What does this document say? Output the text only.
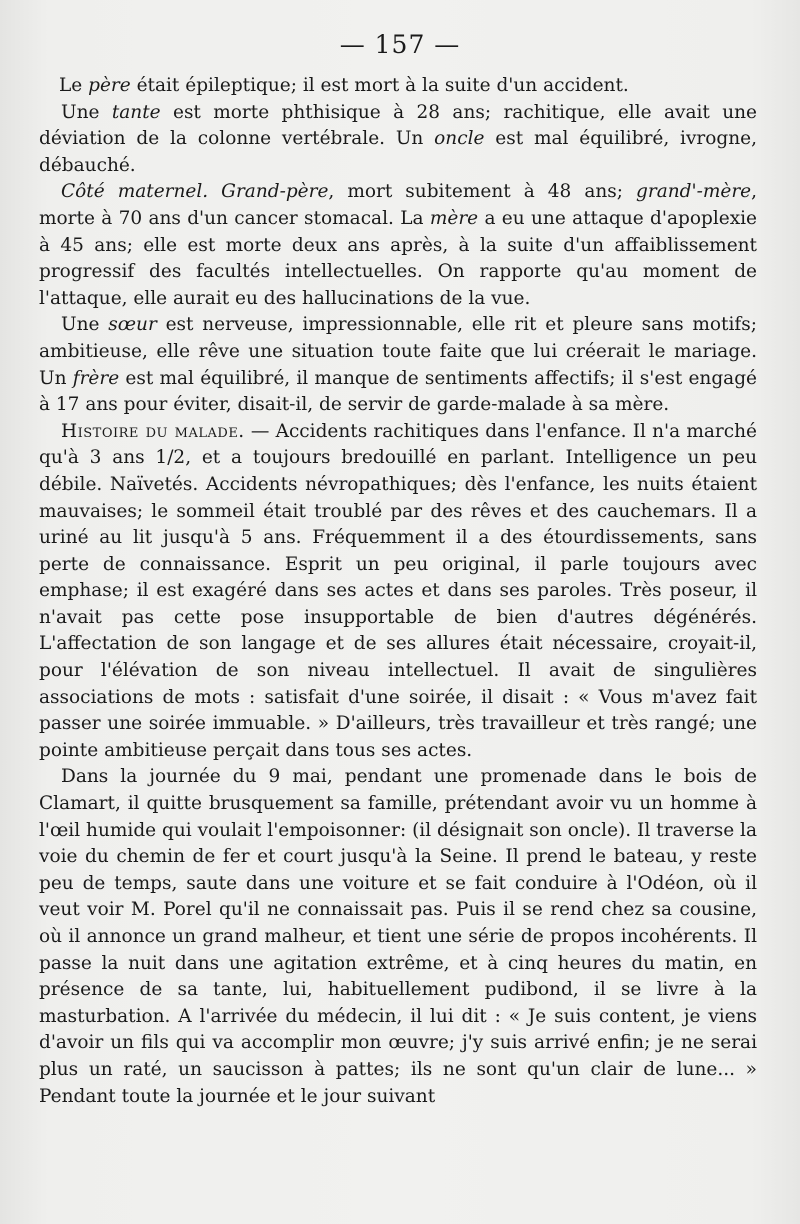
— 157 —

Le père était épileptique; il est mort à la suite d'un accident.

Une tante est morte phthisique à 28 ans; rachitique, elle avait une déviation de la colonne vertébrale. Un oncle est mal équilibré, ivrogne, débauché.

Côté maternel. Grand-père, mort subitement à 48 ans; grand'-mère, morte à 70 ans d'un cancer stomacal. La mère a eu une attaque d'apoplexie à 45 ans; elle est morte deux ans après, à la suite d'un affaiblissement progressif des facultés intellectuelles. On rapporte qu'au moment de l'attaque, elle aurait eu des hallucinations de la vue.

Une sœur est nerveuse, impressionnable, elle rit et pleure sans motifs; ambitieuse, elle rêve une situation toute faite que lui créerait le mariage. Un frère est mal équilibré, il manque de sentiments affectifs; il s'est engagé à 17 ans pour éviter, disait-il, de servir de garde-malade à sa mère.

Histoire du malade. — Accidents rachitiques dans l'enfance. Il n'a marché qu'à 3 ans 1/2, et a toujours bredouillé en parlant. Intelligence un peu débile. Naïvetés. Accidents névropathiques; dès l'enfance, les nuits étaient mauvaises; le sommeil était troublé par des rêves et des cauchemars. Il a uriné au lit jusqu'à 5 ans. Fréquemment il a des étourdissements, sans perte de connaissance. Esprit un peu original, il parle toujours avec emphase; il est exagéré dans ses actes et dans ses paroles. Très poseur, il n'avait pas cette pose insupportable de bien d'autres dégénérés. L'affectation de son langage et de ses allures était nécessaire, croyait-il, pour l'élévation de son niveau intellectuel. Il avait de singulières associations de mots : satisfait d'une soirée, il disait : « Vous m'avez fait passer une soirée immuable. » D'ailleurs, très travailleur et très rangé; une pointe ambitieuse perçait dans tous ses actes.

Dans la journée du 9 mai, pendant une promenade dans le bois de Clamart, il quitte brusquement sa famille, prétendant avoir vu un homme à l'œil humide qui voulait l'empoisonner: (il désignait son oncle). Il traverse la voie du chemin de fer et court jusqu'à la Seine. Il prend le bateau, y reste peu de temps, saute dans une voiture et se fait conduire à l'Odéon, où il veut voir M. Porel qu'il ne connaissait pas. Puis il se rend chez sa cousine, où il annonce un grand malheur, et tient une série de propos incohérents. Il passe la nuit dans une agitation extrême, et à cinq heures du matin, en présence de sa tante, lui, habituellement pudibond, il se livre à la masturbation. A l'arrivée du médecin, il lui dit : « Je suis content, je viens d'avoir un fils qui va accomplir mon œuvre; j'y suis arrivé enfin; je ne serai plus un raté, un saucisson à pattes; ils ne sont qu'un clair de lune... » Pendant toute la journée et le jour suivant
